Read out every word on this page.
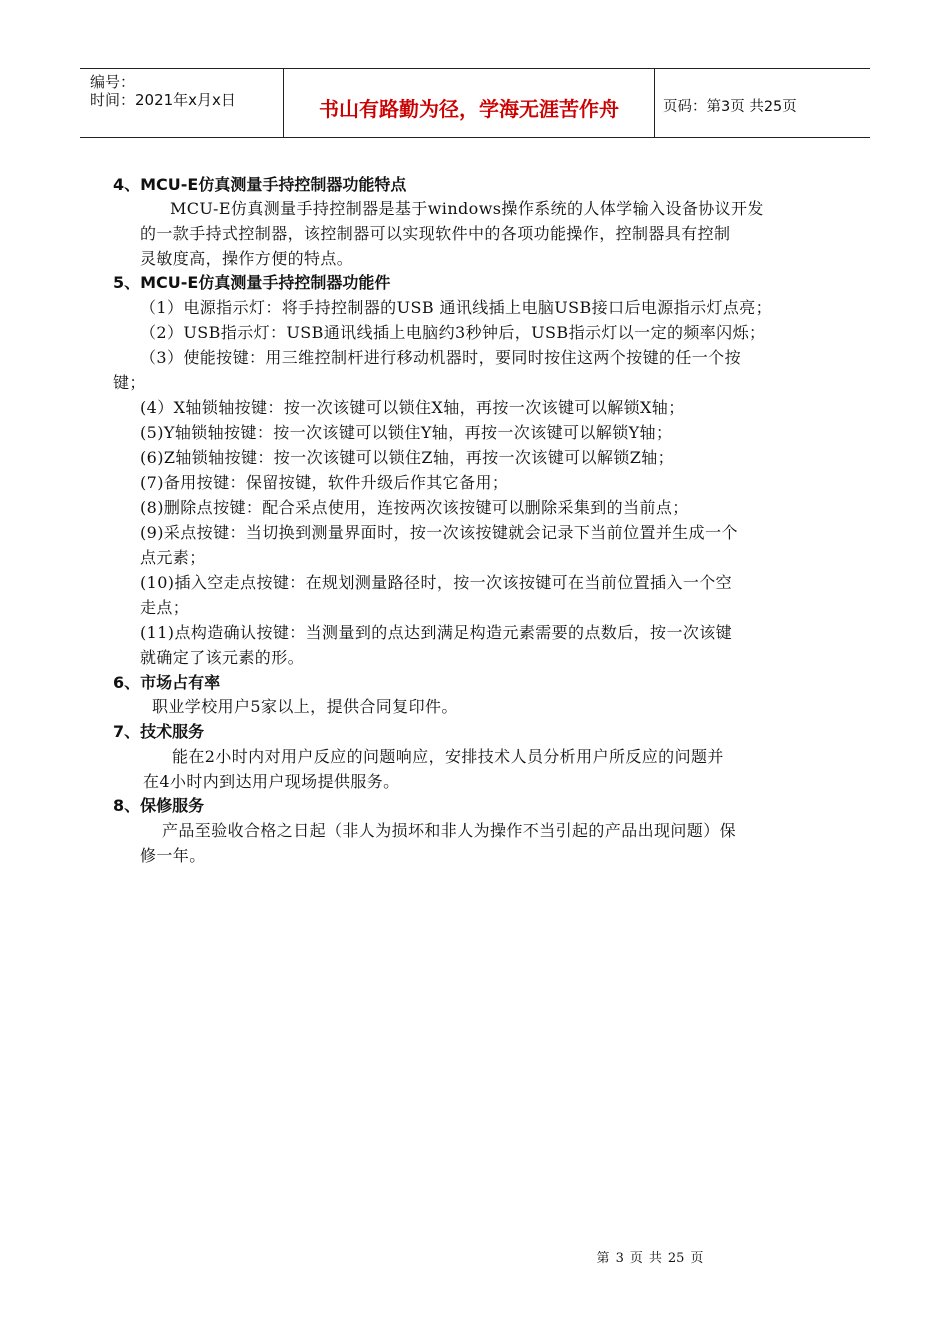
编号：
时间：2021年x月x日	书山有路勤为径，学海无涯苦作舟	页码：第3页 共25页
4、MCU-E仿真测量手持控制器功能特点
MCU-E仿真测量手持控制器是基于windows操作系统的人体学输入设备协议开发
的一款手持式控制器，该控制器可以实现软件中的各项功能操作，控制器具有控制
灵敏度高，操作方便的特点。
5、MCU-E仿真测量手持控制器功能件
（1）电源指示灯：将手持控制器的USB 通讯线插上电脑USB接口后电源指示灯点亮；
（2）USB指示灯：USB通讯线插上电脑约3秒钟后，USB指示灯以一定的频率闪烁；
（3）使能按键：用三维控制杆进行移动机器时，要同时按住这两个按键的任一个按
键；
(4）X轴锁轴按键：按一次该键可以锁住X轴，再按一次该键可以解锁X轴；
(5)Y轴锁轴按键：按一次该键可以锁住Y轴，再按一次该键可以解锁Y轴；
(6)Z轴锁轴按键：按一次该键可以锁住Z轴，再按一次该键可以解锁Z轴；
(7)备用按键：保留按键，软件升级后作其它备用；
(8)删除点按键：配合采点使用，连按两次该按键可以删除采集到的当前点；
(9)采点按键：当切换到测量界面时，按一次该按键就会记录下当前位置并生成一个
点元素；
(10)插入空走点按键：在规划测量路径时，按一次该按键可在当前位置插入一个空
走点；
(11)点构造确认按键：当测量到的点达到满足构造元素需要的点数后，按一次该键
就确定了该元素的形。
6、市场占有率
职业学校用户5家以上，提供合同复印件。
7、技术服务
能在2小时内对用户反应的问题响应，安排技术人员分析用户所反应的问题并
在4小时内到达用户现场提供服务。
8、保修服务
产品至验收合格之日起（非人为损坏和非人为操作不当引起的产品出现问题）保
修一年。
第 3 页 共 25 页
